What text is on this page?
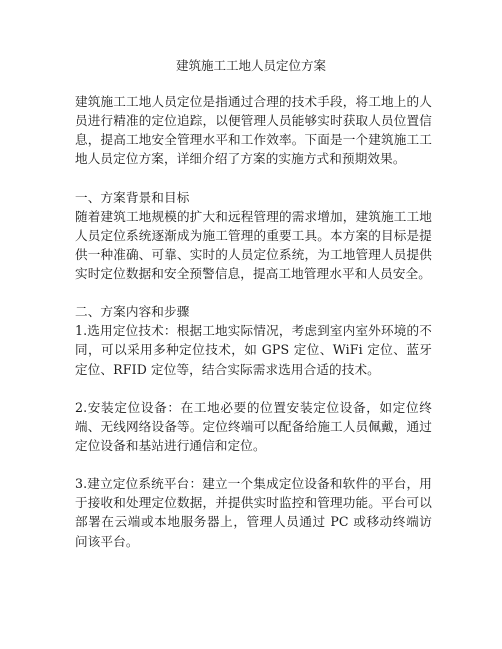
建筑施工工地人员定位方案

建筑施工工地人员定位是指通过合理的技术手段，将工地上的人员进行精准的定位追踪，以便管理人员能够实时获取人员位置信息，提高工地安全管理水平和工作效率。下面是一个建筑施工工地人员定位方案，详细介绍了方案的实施方式和预期效果。

一、方案背景和目标

随着建筑工地规模的扩大和远程管理的需求增加，建筑施工工地人员定位系统逐渐成为施工管理的重要工具。本方案的目标是提供一种准确、可靠、实时的人员定位系统，为工地管理人员提供实时定位数据和安全预警信息，提高工地管理水平和人员安全。

二、方案内容和步骤

1.选用定位技术：根据工地实际情况，考虑到室内室外环境的不同，可以采用多种定位技术，如 GPS 定位、WiFi 定位、蓝牙定位、RFID 定位等，结合实际需求选用合适的技术。

2.安装定位设备：在工地必要的位置安装定位设备，如定位终端、无线网络设备等。定位终端可以配备给施工人员佩戴，通过定位设备和基站进行通信和定位。

3.建立定位系统平台：建立一个集成定位设备和软件的平台，用于接收和处理定位数据，并提供实时监控和管理功能。平台可以部署在云端或本地服务器上，管理人员通过 PC 或移动终端访问该平台。
